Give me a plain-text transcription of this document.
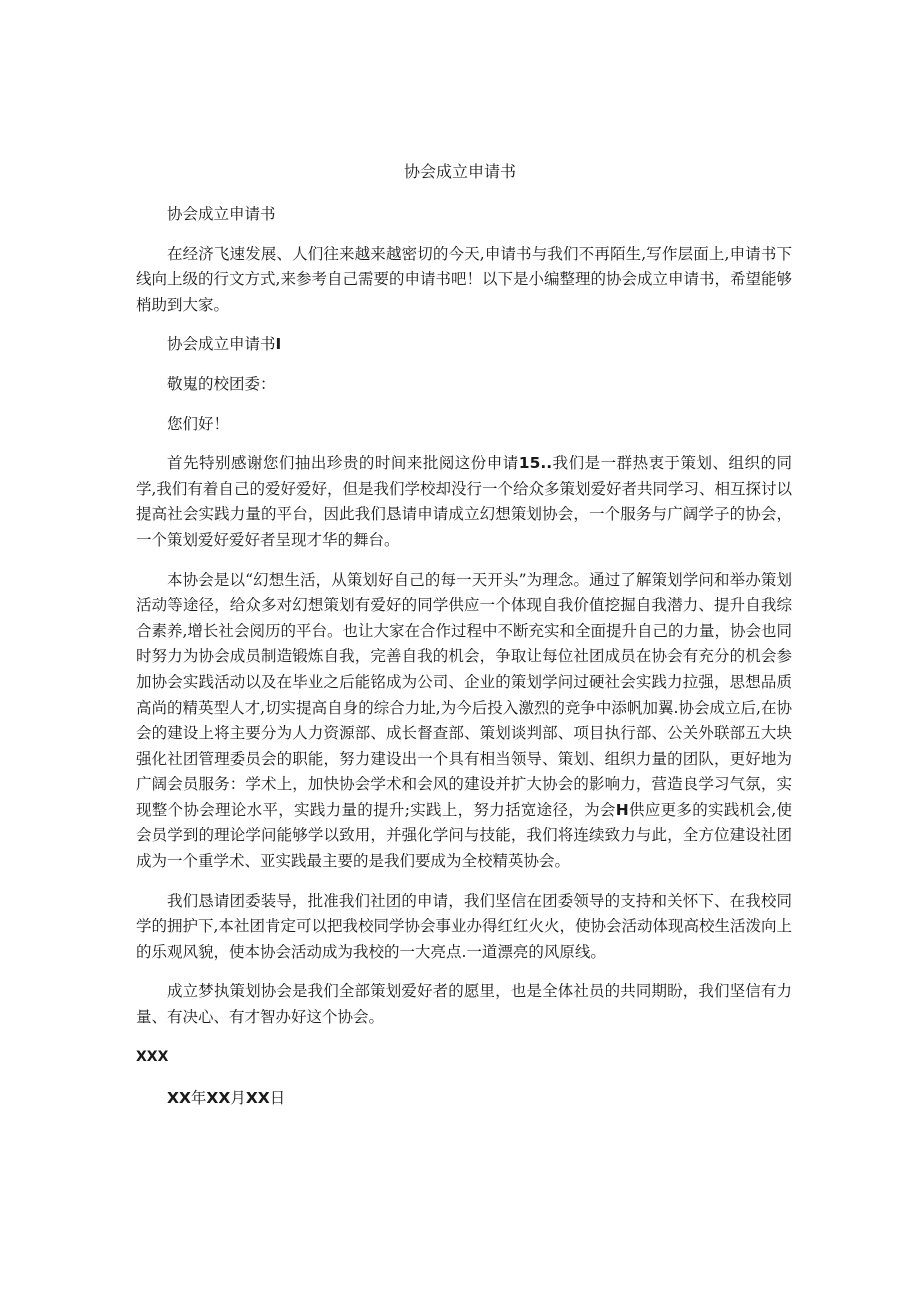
协会成立申请书

协会成立申请书

在经济飞速发展、人们往来越来越密切的今天,申请书与我们不再陌生,写作层面上,申请书下线向上级的行文方式,来参考自己需要的申请书吧！以下是小编整理的协会成立申请书，希望能够梢助到大家。

协会成立申请书I

敬嵬的校团委：

您们好！

首先特别感谢您们抽出珍贵的时间来批阅这份申请15..我们是一群热衷于策划、组织的同学,我们有着自己的爱好爱好，但是我们学校却没行一个给众多策划爱好者共同学习、相互探讨以提高社会实践力量的平台，因此我们恳请申请成立幻想策划协会，一个服务与广阔学子的协会，一个策划爱好爱好者呈现才华的舞台。

本协会是以“幻想生活，从策划好自己的每一天开头”为理念。通过了解策划学问和举办策划活动等途径，给众多对幻想策划有爱好的同学供应一个体现自我价值挖掘自我潜力、提升自我综合素养,增长社会阅历的平台。也让大家在合作过程中不断充实和全面提升自己的力量，协会也同时努力为协会成员制造锻炼自我，完善自我的机会，争取让每位社团成员在协会有充分的机会参加协会实践活动以及在毕业之后能铭成为公司、企业的策划学问过硬社会实践力拉强，思想品质高尚的精英型人才,切实提高自身的综合力址,为今后投入激烈的竞争中添帆加翼.协会成立后,在协会的建设上将主要分为人力资源部、成长督查部、策划谈判部、项目执行部、公关外联部五大块强化社团管理委员会的职能，努力建设出一个具有相当领导、策划、组织力量的团队，更好地为广阔会员服务：学术上，加快协会学术和会风的建设并扩大协会的影响力，营造良学习气氛，实现整个协会理论水平，实践力量的提升;实践上，努力括宽途径，为会H供应更多的实践机会,使会员学到的理论学问能够学以致用，并强化学问与技能，我们将连续致力与此，全方位建设社团成为一个重学术、亚实践最主要的是我们要成为全校精英协会。

我们恳请团委装导，批准我们社团的申请，我们坚信在团委领导的支持和关怀下、在我校同学的拥护下,本社团肯定可以把我校同学协会事业办得红红火火，使协会活动体现高校生活泼向上的乐观风貌，使本协会活动成为我校的一大亮点.一道漂亮的风原线。

成立梦执策划协会是我们全部策划爱好者的愿里，也是全体社员的共同期盼，我们坚信有力量、有决心、有才智办好这个协会。

XXX

XX年XX月XX日
